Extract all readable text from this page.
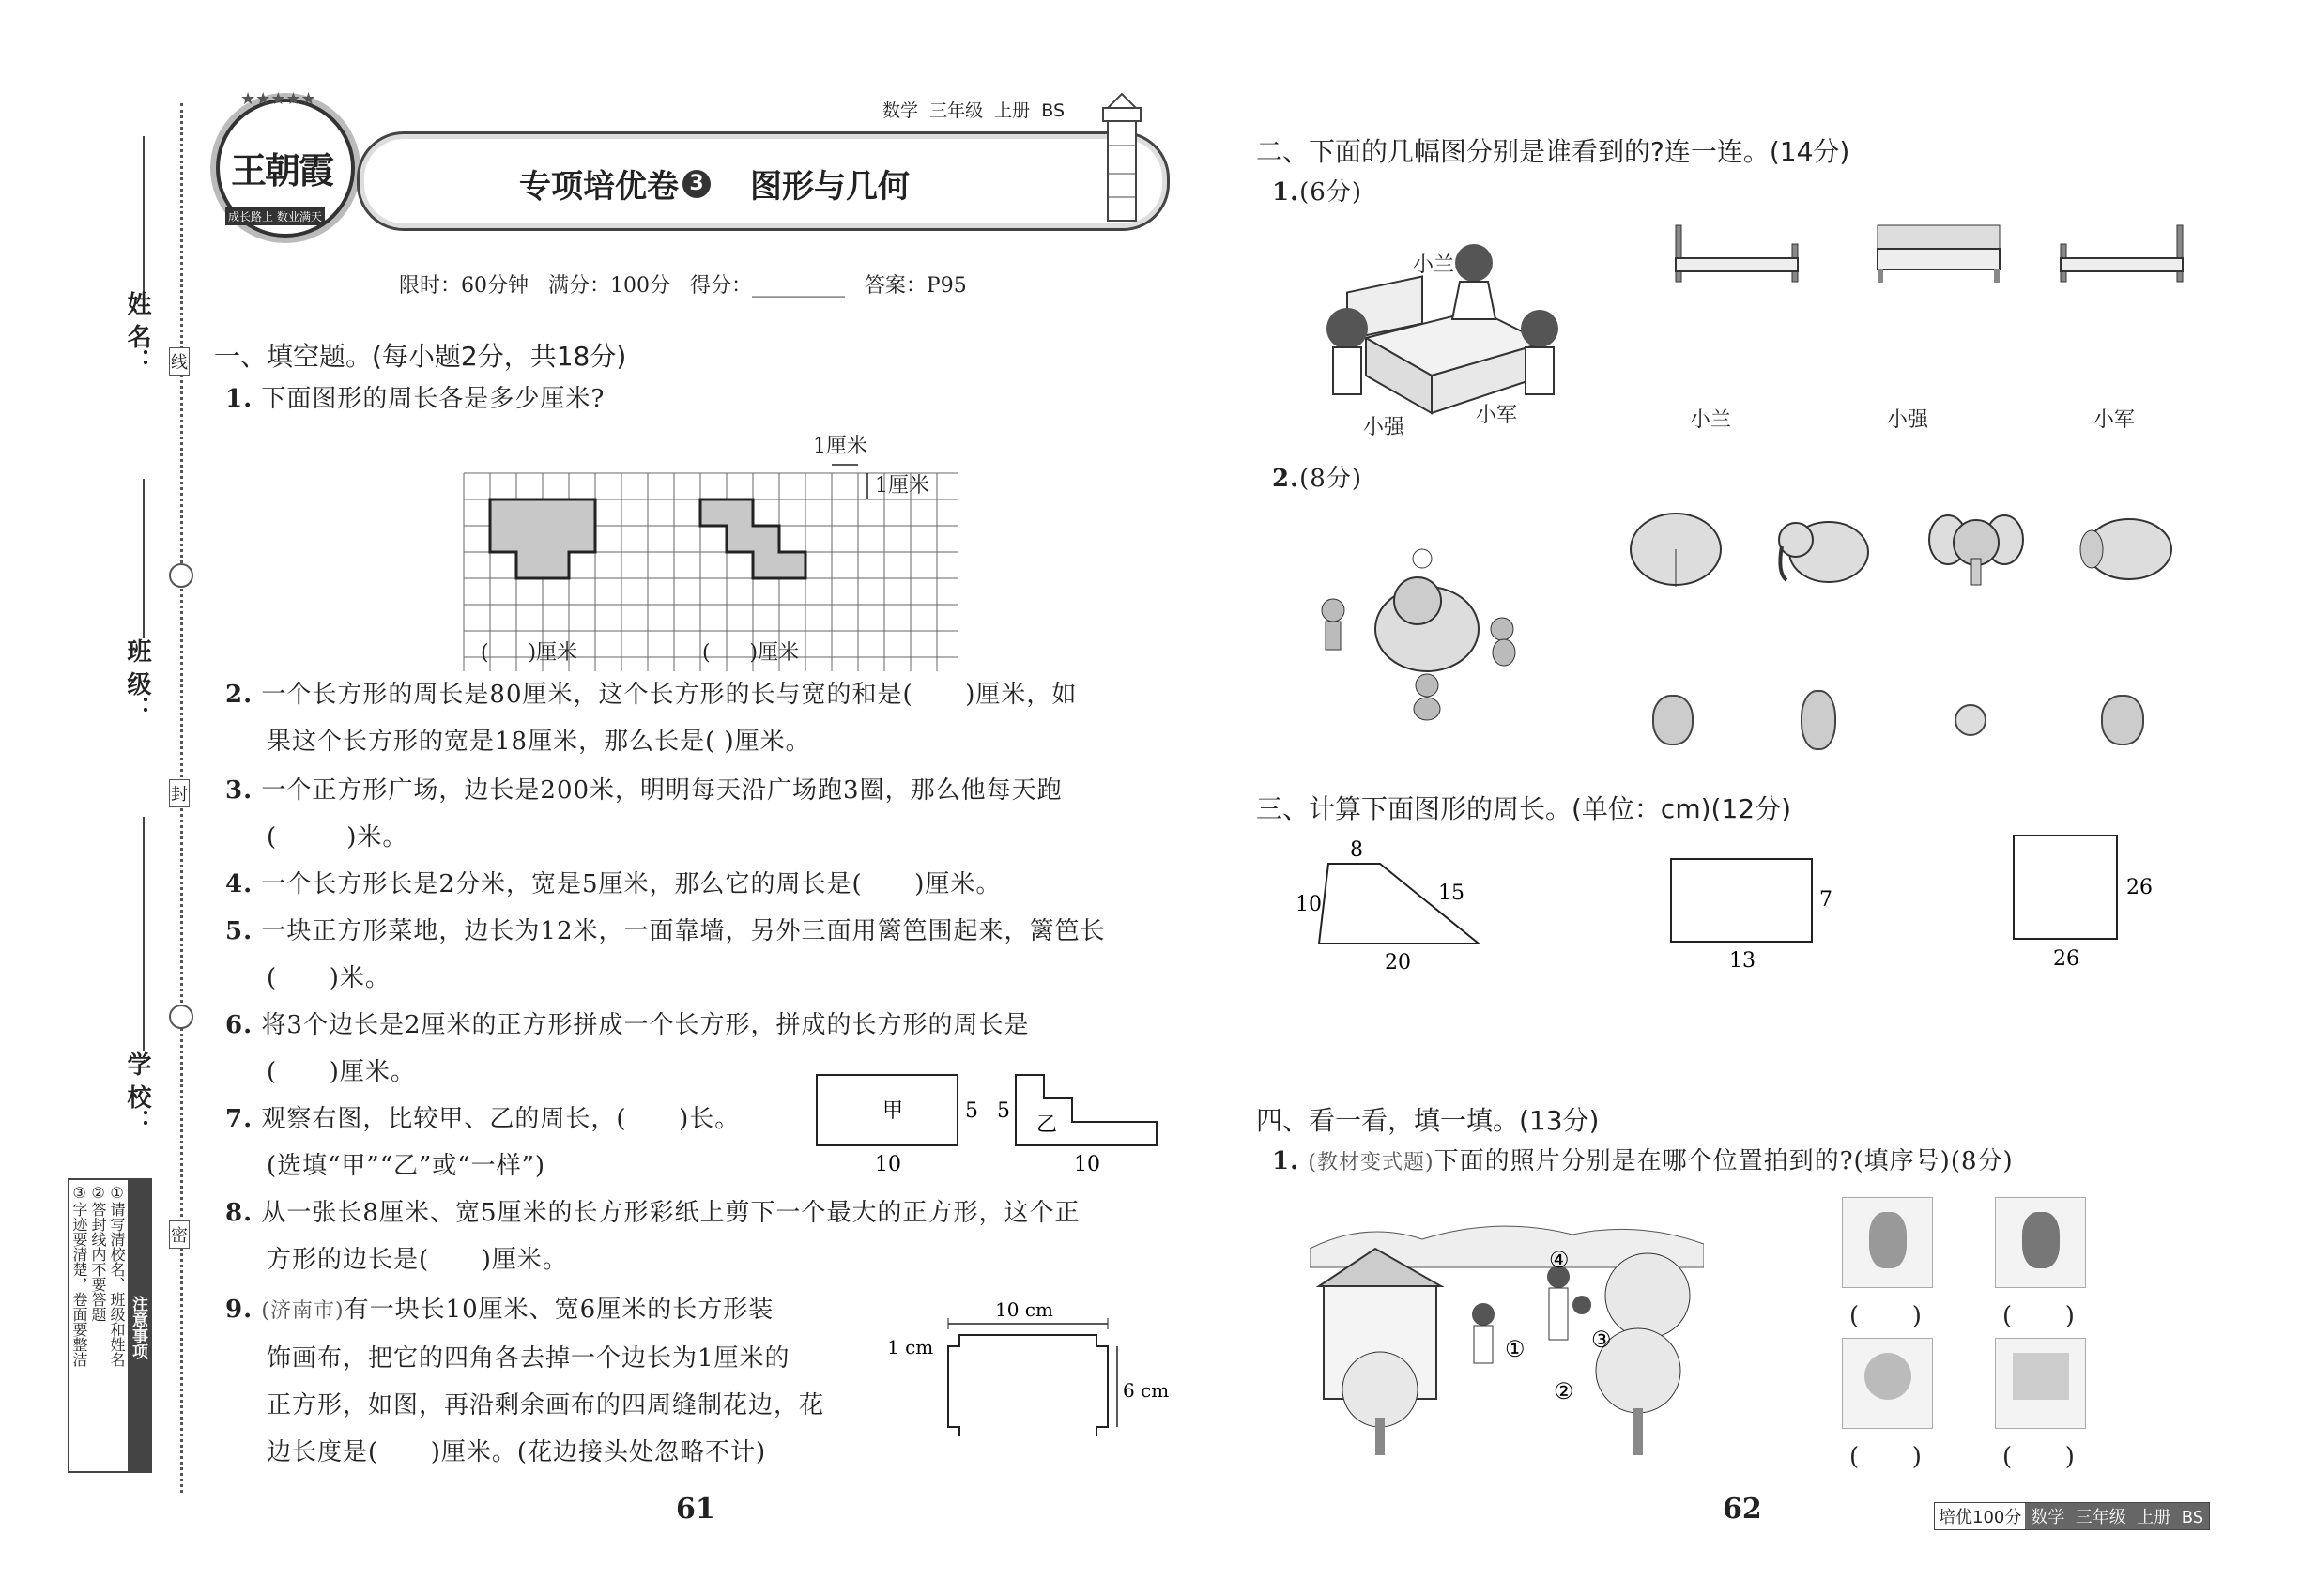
姓 名：
班 级：
学 校：
线
封
密
注意事项
①请写清校名、班级和姓名
②答封线内不要答题
③字迹要清楚，卷面要整洁
★★★★★
王朝霞
成长路上 数业满天
数学  三年级  上册  BS
专项培优卷 3 图形与几何
限时：60分钟   满分：100分   得分：_________   答案：P95
一、填空题。(每小题2分，共18分)
1. 下面图形的周长各是多少厘米?
1厘米
1厘米
(      )厘米	(      )厘米
2. 一个长方形的周长是80厘米，这个长方形的长与宽的和是(      )厘米，如
果这个长方形的宽是18厘米，那么长是( )厘米。
3. 一个正方形广场，边长是200米，明明每天沿广场跑3圈，那么他每天跑
(        )米。
4. 一个长方形长是2分米，宽是5厘米，那么它的周长是(      )厘米。
5. 一块正方形菜地，边长为12米，一面靠墙，另外三面用篱笆围起来，篱笆长
(      )米。
6. 将3个边长是2厘米的正方形拼成一个长方形，拼成的长方形的周长是
(      )厘米。
7. 观察右图，比较甲、乙的周长，(      )长。
(选填“甲”“乙”或“一样”)
甲
乙
5
10
5
10
8. 从一张长8厘米、宽5厘米的长方形彩纸上剪下一个最大的正方形，这个正
方形的边长是(      )厘米。
9. (济南市)有一块长10厘米、宽6厘米的长方形装
饰画布，把它的四角各去掉一个边长为1厘米的
正方形，如图，再沿剩余画布的四周缝制花边，花
边长度是(      )厘米。(花边接头处忽略不计)
10 cm
1 cm
6 cm
61
二、下面的几幅图分别是谁看到的?连一连。(14分)
1.(6分)
小兰
小强
小军	小兰	小强	小军
2.(8分)
三、计算下面图形的周长。(单位：cm)(12分)
8
10	15
20
7
13
26
26
四、看一看，填一填。(13分)
1. (教材变式题)下面的照片分别是在哪个位置拍到的?(填序号)(8分)
①
②
③
④
(      )	(      )
(      )	(      )
62	培优100分 数学  三年级  上册  BS
